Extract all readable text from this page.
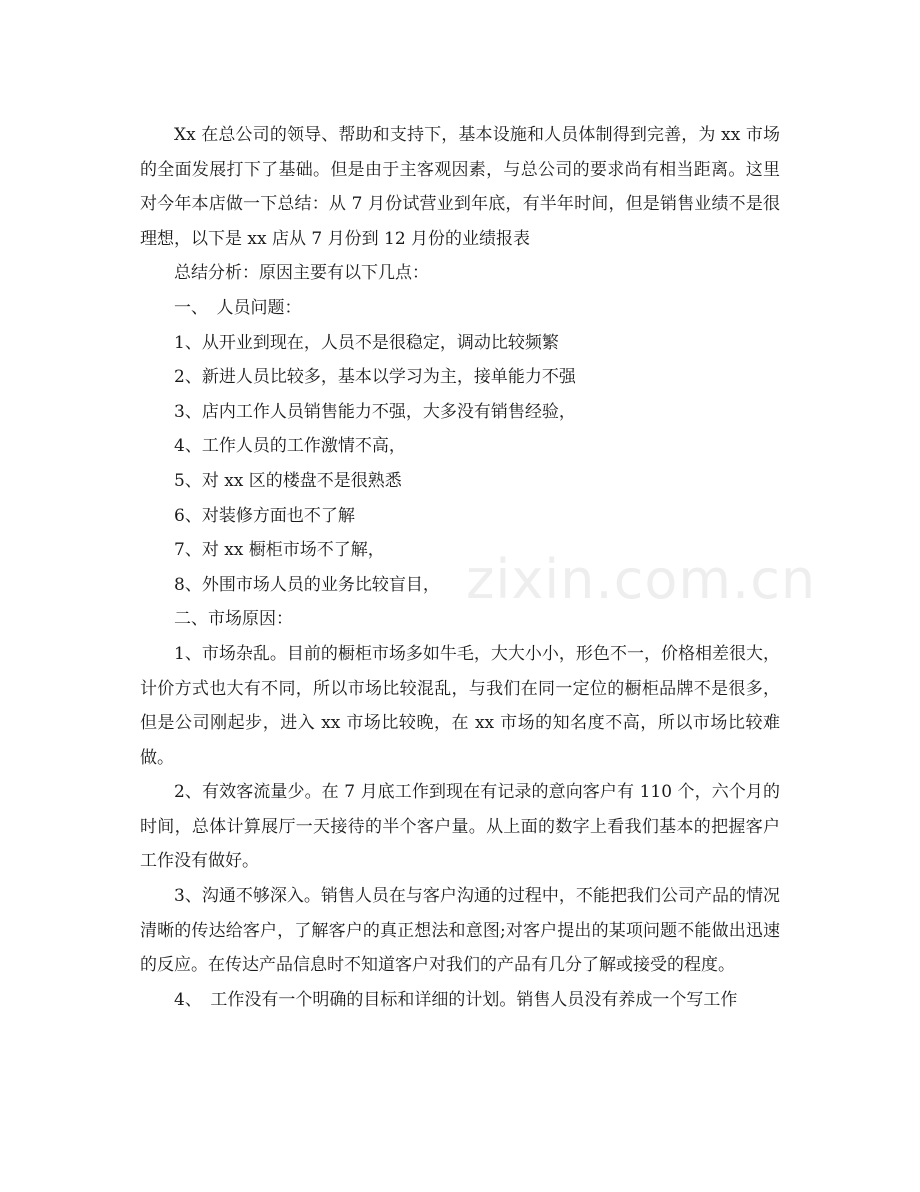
Xx 在总公司的领导、帮助和支持下，基本设施和人员体制得到完善，为 xx 市场的全面发展打下了基础。但是由于主客观因素，与总公司的要求尚有相当距离。这里对今年本店做一下总结：从 7 月份试营业到年底，有半年时间，但是销售业绩不是很理想，以下是 xx 店从 7 月份到 12 月份的业绩报表

总结分析：原因主要有以下几点：

一、　人员问题：

1、从开业到现在，人员不是很稳定，调动比较频繁

2、新进人员比较多，基本以学习为主，接单能力不强

3、店内工作人员销售能力不强，大多没有销售经验，

4、工作人员的工作激情不高，

5、对 xx 区的楼盘不是很熟悉

6、对装修方面也不了解

7、对 xx 橱柜市场不了解，

8、外围市场人员的业务比较盲目，

二、市场原因：

1、市场杂乱。目前的橱柜市场多如牛毛，大大小小，形色不一，价格相差很大，计价方式也大有不同，所以市场比较混乱，与我们在同一定位的橱柜品牌不是很多，但是公司刚起步，进入 xx 市场比较晚，在 xx 市场的知名度不高，所以市场比较难做。

2、有效客流量少。在 7 月底工作到现在有记录的意向客户有 110 个，六个月的时间，总体计算展厅一天接待的半个客户量。从上面的数字上看我们基本的把握客户工作没有做好。

3、沟通不够深入。销售人员在与客户沟通的过程中，不能把我们公司产品的情况清晰的传达给客户，了解客户的真正想法和意图;对客户提出的某项问题不能做出迅速的反应。在传达产品信息时不知道客户对我们的产品有几分了解或接受的程度。

4、　工作没有一个明确的目标和详细的计划。销售人员没有养成一个写工作

zixin.com.cn
